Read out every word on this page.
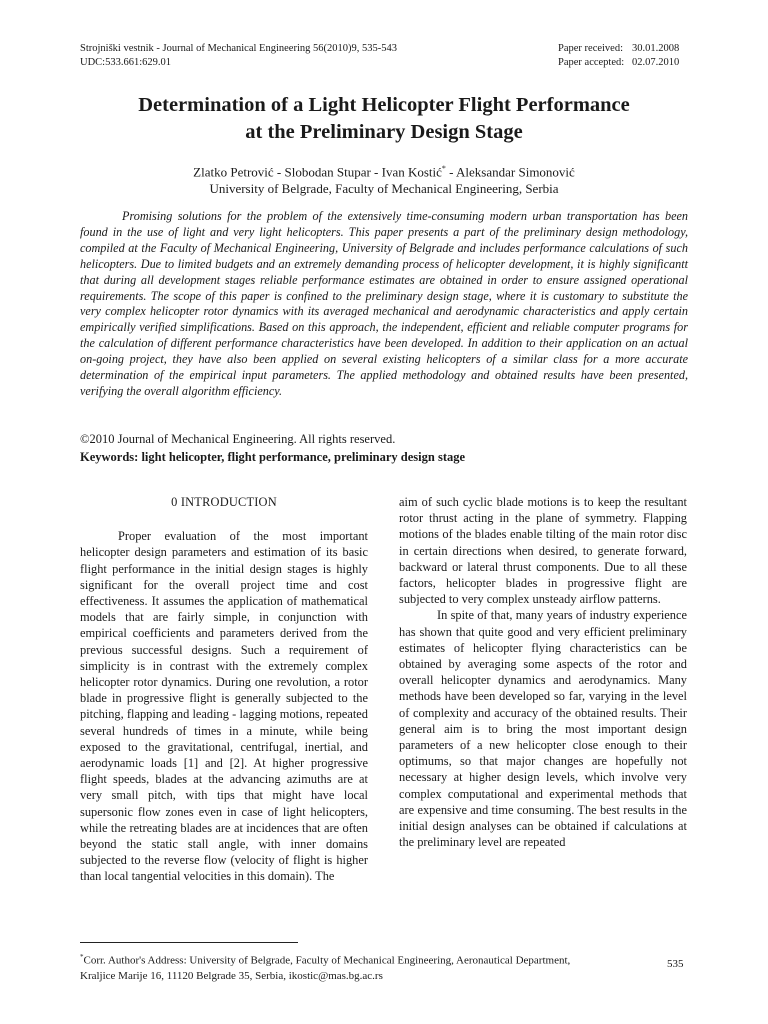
Strojniški vestnik - Journal of Mechanical Engineering 56(2010)9, 535-543
UDC:533.661:629.01
Paper received: 30.01.2008
Paper accepted: 02.07.2010
Determination of a Light Helicopter Flight Performance
at the Preliminary Design Stage
Zlatko Petrović - Slobodan Stupar - Ivan Kostić* - Aleksandar Simonović
University of Belgrade, Faculty of Mechanical Engineering, Serbia
Promising solutions for the problem of the extensively time-consuming modern urban transportation has been found in the use of light and very light helicopters. This paper presents a part of the preliminary design methodology, compiled at the Faculty of Mechanical Engineering, University of Belgrade and includes performance calculations of such helicopters. Due to limited budgets and an extremely demanding process of helicopter development, it is highly significantt that during all development stages reliable performance estimates are obtained in order to ensure assigned operational requirements. The scope of this paper is confined to the preliminary design stage, where it is customary to substitute the very complex helicopter rotor dynamics with its averaged mechanical and aerodynamic characteristics and apply certain empirically verified simplifications. Based on this approach, the independent, efficient and reliable computer programs for the calculation of different performance characteristics have been developed. In addition to their application on an actual on-going project, they have also been applied on several existing helicopters of a similar class for a more accurate determination of the empirical input parameters. The applied methodology and obtained results have been presented, verifying the overall algorithm efficiency.
©2010 Journal of Mechanical Engineering. All rights reserved.
Keywords: light helicopter, flight performance, preliminary design stage
0 INTRODUCTION

Proper evaluation of the most important helicopter design parameters and estimation of its basic flight performance in the initial design stages is highly significant for the overall project time and cost effectiveness. It assumes the application of mathematical models that are fairly simple, in conjunction with empirical coefficients and parameters derived from the previous successful designs. Such a requirement of simplicity is in contrast with the extremely complex helicopter rotor dynamics. During one revolution, a rotor blade in progressive flight is generally subjected to the pitching, flapping and leading - lagging motions, repeated several hundreds of times in a minute, while being exposed to the gravitational, centrifugal, inertial, and aerodynamic loads [1] and [2]. At higher progressive flight speeds, blades at the advancing azimuths are at very small pitch, with tips that might have local supersonic flow zones even in case of light helicopters, while the retreating blades are at incidences that are often beyond the static stall angle, with inner domains subjected to the reverse flow (velocity of flight is higher than local tangential velocities in this domain). The

aim of such cyclic blade motions is to keep the resultant rotor thrust acting in the plane of symmetry. Flapping motions of the blades enable tilting of the main rotor disc in certain directions when desired, to generate forward, backward or lateral thrust components. Due to all these factors, helicopter blades in progressive flight are subjected to very complex unsteady airflow patterns.

In spite of that, many years of industry experience has shown that quite good and very efficient preliminary estimates of helicopter flying characteristics can be obtained by averaging some aspects of the rotor and overall helicopter dynamics and aerodynamics. Many methods have been developed so far, varying in the level of complexity and accuracy of the obtained results. Their general aim is to bring the most important design parameters of a new helicopter close enough to their optimums, so that major changes are hopefully not necessary at higher design levels, which involve very complex computational and experimental methods that are expensive and time consuming. The best results in the initial design analyses can be obtained if calculations at the preliminary level are repeated

*Corr. Author's Address: University of Belgrade, Faculty of Mechanical Engineering, Aeronautical Department,
Kraljice Marije 16, 11120 Belgrade 35, Serbia, ikostic@mas.bg.ac.rs
535
